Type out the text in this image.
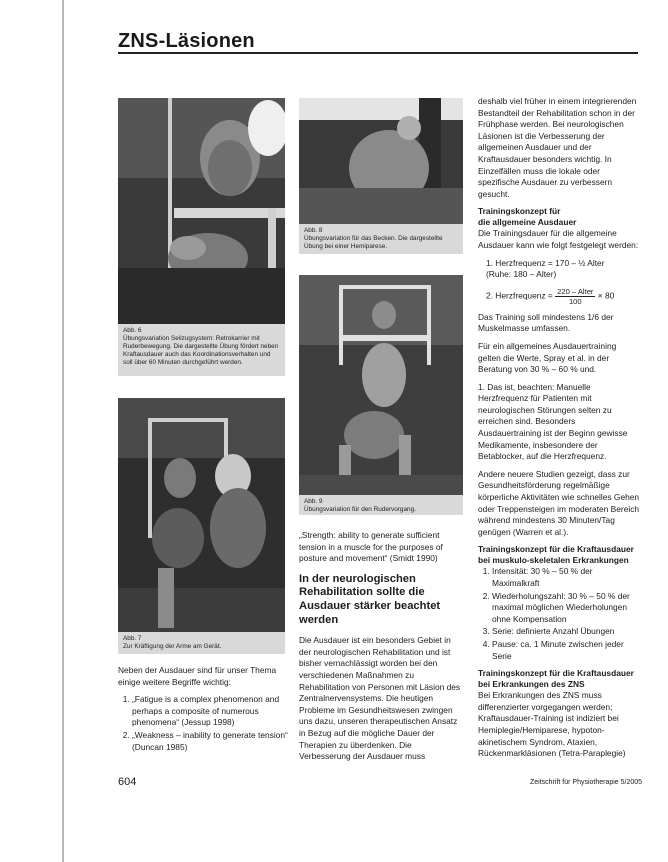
ZNS-Läsionen
Abb. 6
Übungsvariation Seilzugsystem: Retrokarrier mit Ruderbewegung. Die dargestellte Übung fördert neben Kraftausdauer auch das Koordinationsverhalten und soll über 60 Minuten durchgeführt werden.
Abb. 7
Zur Kräftigung der Arme am Gerät.
Abb. 8
Übungsvariation für das Becken. Die dargestellte Übung bei einer Hemiparese.
Abb. 9
Übungsvariation für den Rudervorgang.

Neben der Ausdauer sind für unser Thema einige weitere Begriffe wichtig:

1. „Fatigue is a complex phenomenon and perhaps a composite of numerous phenomena“ (Jessup 1998)
2. „Weakness – inability to generate tension“ (Duncan 1985)

„Strength: ability to generate sufficient tension in a muscle for the purposes of posture and movement“ (Smidt 1990)

In der neurologischen Rehabilitation sollte die Ausdauer stärker beachtet werden

Die Ausdauer ist ein besonders Gebiet in der neurologischen Rehabilitation und ist bisher vernachlässigt worden bei den verschiedenen Maßnahmen zu Rehabilitation von Personen mit Läsion des Zentralnervensystems. Die heutigen Probleme im Gesundheitswesen zwingen uns dazu, unseren therapeutischen Ansatz in Bezug auf die mögliche Dauer der Therapien zu überdenken. Die Verbesserung der Ausdauer muss

deshalb viel früher in einem integrierenden Bestandteil der Rehabilitation schon in der Frühphase werden. Bei neurologischen Läsionen ist die Verbesserung der allgemeinen Ausdauer und der Kraftausdauer besonders wichtig. In Einzelfällen muss die lokale oder spezifische Ausdauer zu verbessern gesucht.

Trainingskonzept für
die allgemeine Ausdauer

Die Trainingsdauer für die allgemeine Ausdauer kann wie folgt festgelegt werden:

1. Herzfrequenz = 170 – ½ Alter
(Ruhe: 180 – Alter)
2. Herzfrequenz = $\frac{\text{220 – Alter}}{100} \times 80$

Das Training soll mindestens 1/6 der Muskelmasse umfassen.

Für ein allgemeines Ausdauertraining gelten die Werte, Spray et al. in der Beratung von 30 % – 60 % und.

1. Das ist, beachten: Manuelle Herzfrequenz für Patienten mit neurologischen Störungen selten zu erreichen sind. Besonders Ausdauertraining ist der Beginn gewisse Medikamente, insbesondere der Betablocker, auf die Herzfrequenz.

Andere neuere Studien gezeigt, dass zur Gesundheitsförderung regelmäßige körperliche Aktivitäten wie schnelles Gehen oder Treppensteigen im moderaten Bereich während mindestens 30 Minuten/Tag genügen (Warren et al.).

Trainingskonzept für die Kraftausdauer
bei muskulo-skeletalen Erkrankungen
1. Intensität: 30 % – 50 % der Maximalkraft
2. Wiederholungszahl: 30 % – 50 % der maximal möglichen Wiederholungen ohne Kompensation
3. Serie: definierte Anzahl Übungen
4. Pause: ca. 1 Minute zwischen jeder Serie
Trainingskonzept für die Kraftausdauer
bei Erkrankungen des ZNS

Bei Erkrankungen des ZNS muss differenzierter vorgegangen werden; Kraftausdauer-Training ist indiziert bei Hemiplegie/Hemiparese, hypoton-akinetischem Syndrom, Ataxien, Rückenmarkläsionen (Tetra-Paraplegie)

604	Zeitschrift für Physiotherapie 5/2005
